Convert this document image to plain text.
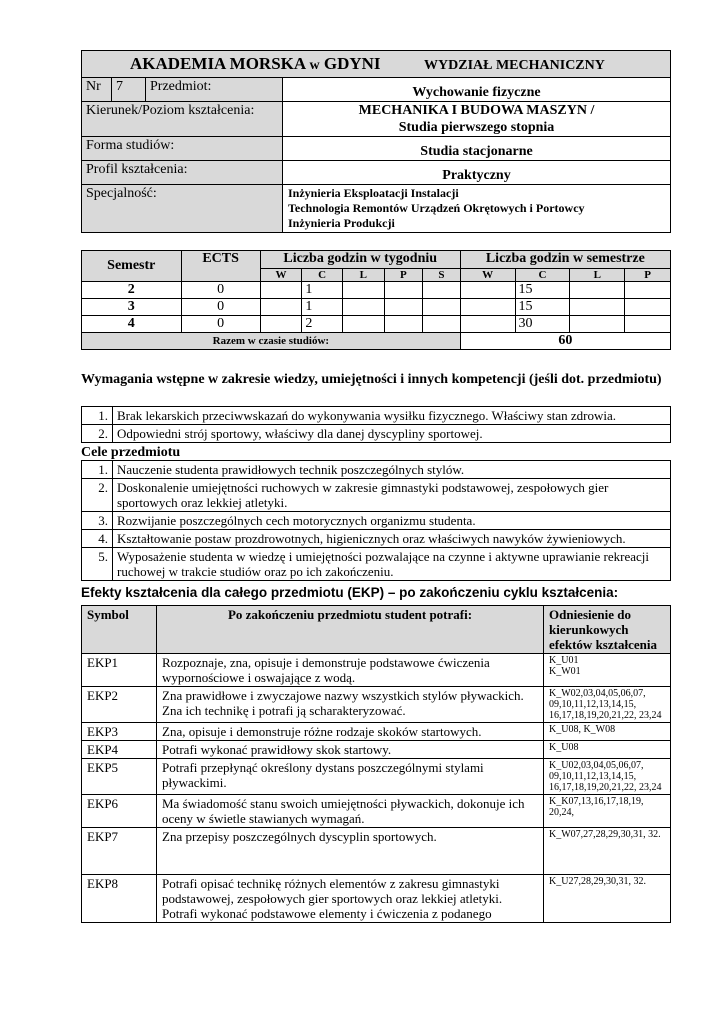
AKADEMIA MORSKA w GDYNI WYDZIAŁ MECHANICZNY			
Nr	7	Przedmiot:	Wychowanie fizyczne
Kierunek/Poziom kształcenia:			MECHANIKA I BUDOWA MASZYN /
Studia pierwszego stopnia

Forma studiów:			Studia stacjonarne
Profil kształcenia:			Praktyczny
Specjalność:			Inżynieria Eksploatacji Instalacji
Technologia Remontów Urządzeń Okrętowych i Portowcy
Inżynieria Produkcji
Semestr	ECTS	Liczba godzin w tygodniu					Liczba godzin w semestrze			
		W	C	L	P	S	W	C	L	P
2	0		1					15		
3	0		1					15		
4	0		2					30		
Razem w czasie studiów:							60			
Wymagania wstępne w zakresie wiedzy, umiejętności i innych kompetencji (jeśli dot. przedmiotu)
1.	Brak lekarskich przeciwwskazań do wykonywania wysiłku fizycznego. Właściwy stan zdrowia.
2.	Odpowiedni strój sportowy, właściwy dla danej dyscypliny sportowej.
Cele przedmiotu
1.	Nauczenie studenta prawidłowych technik poszczególnych stylów.
2.	Doskonalenie umiejętności ruchowych w zakresie gimnastyki podstawowej, zespołowych gier sportowych oraz lekkiej atletyki.
3.	Rozwijanie poszczególnych cech motorycznych organizmu studenta.
4.	Kształtowanie postaw prozdrowotnych, higienicznych oraz właściwych nawyków żywieniowych.
5.	Wyposażenie studenta w wiedzę i umiejętności pozwalające na czynne i aktywne uprawianie rekreacji ruchowej w trakcie studiów oraz po ich zakończeniu.
Efekty kształcenia dla całego przedmiotu (EKP) – po zakończeniu cyklu kształcenia:
Symbol	Po zakończeniu przedmiotu student potrafi:	Odniesienie do kierunkowych efektów kształcenia
EKP1	Rozpoznaje, zna, opisuje i demonstruje podstawowe ćwiczenia wypornościowe i oswajające z wodą.	K_U01
K_W01
EKP2	Zna prawidłowe i zwyczajowe nazwy wszystkich stylów pływackich. Zna ich technikę i potrafi ją scharakteryzować.	K_W02,03,04,05,06,07, 09,10,11,12,13,14,15, 16,17,18,19,20,21,22, 23,24
EKP3	Zna, opisuje i demonstruje różne rodzaje skoków startowych.	K_U08, K_W08
EKP4	Potrafi wykonać prawidłowy skok startowy.	K_U08
EKP5	Potrafi przepłynąć określony dystans poszczególnymi stylami pływackimi.	K_U02,03,04,05,06,07, 09,10,11,12,13,14,15, 16,17,18,19,20,21,22, 23,24
EKP6	Ma świadomość stanu swoich umiejętności pływackich, dokonuje ich oceny w świetle stawianych wymagań.	K_K07,13,16,17,18,19, 20,24,
EKP7	Zna przepisy poszczególnych dyscyplin sportowych.	K_W07,27,28,29,30,31, 32.
EKP8	Potrafi opisać technikę różnych elementów z zakresu gimnastyki podstawowej, zespołowych gier sportowych oraz lekkiej atletyki. Potrafi wykonać podstawowe elementy i ćwiczenia z podanego	K_U27,28,29,30,31, 32.
